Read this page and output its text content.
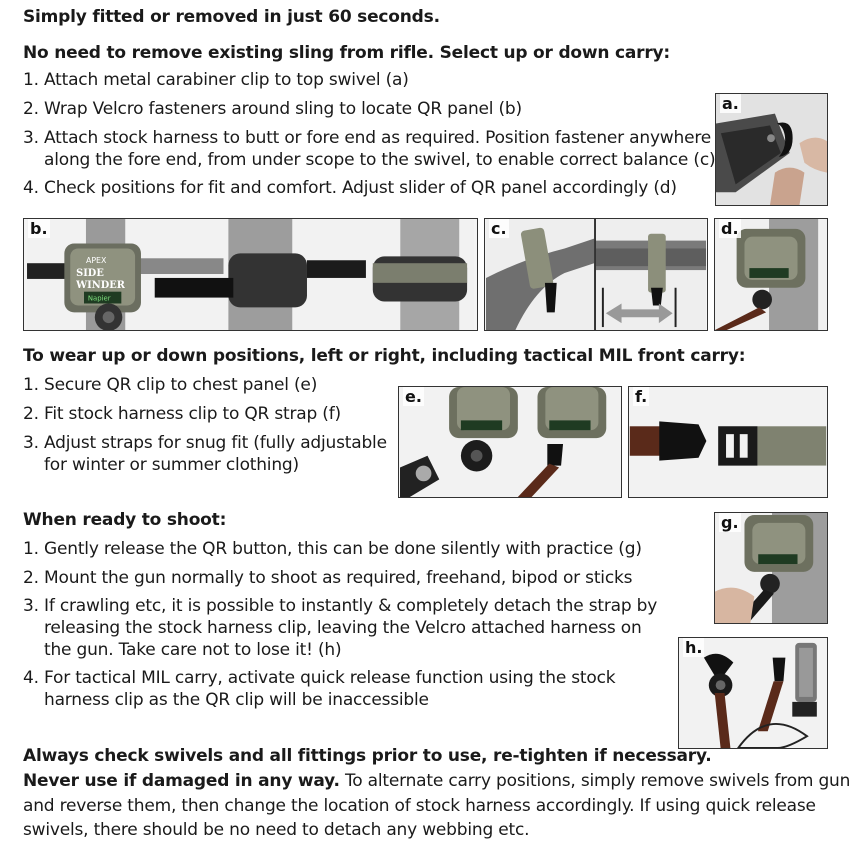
Simply fitted or removed in just 60 seconds.
No need to remove existing sling from rifle. Select up or down carry:
1. Attach metal carabiner clip to top swivel (a)
2. Wrap Velcro fasteners around sling to locate QR panel (b)
3. Attach stock harness to butt or fore end as required. Position fastener anywhere
along the fore end, from under scope to the swivel, to enable correct balance (c)
4. Check positions for fit and comfort. Adjust slider of QR panel accordingly (d)
a.
b.
APEX
SIDE
WINDER
Napier
c.	d.
To wear up or down positions, left or right, including tactical MIL front carry:
1. Secure QR clip to chest panel (e)
2. Fit stock harness clip to QR strap (f)
3. Adjust straps for snug fit (fully adjustable
for winter or summer clothing)
e.	f.
When ready to shoot:
1. Gently release the QR button, this can be done silently with practice (g)
2. Mount the gun normally to shoot as required, freehand, bipod or sticks
3. If crawling etc, it is possible to instantly & completely detach the strap by
releasing the stock harness clip, leaving the Velcro attached harness on
the gun. Take care not to lose it! (h)
4. For tactical MIL carry, activate quick release function using the stock
harness clip as the QR clip will be inaccessible
g.
h.
Always check swivels and all fittings prior to use, re-tighten if necessary.
Never use if damaged in any way. To alternate carry positions, simply remove swivels from gun
and reverse them, then change the location of stock harness accordingly. If using quick release
swivels, there should be no need to detach any webbing etc.
